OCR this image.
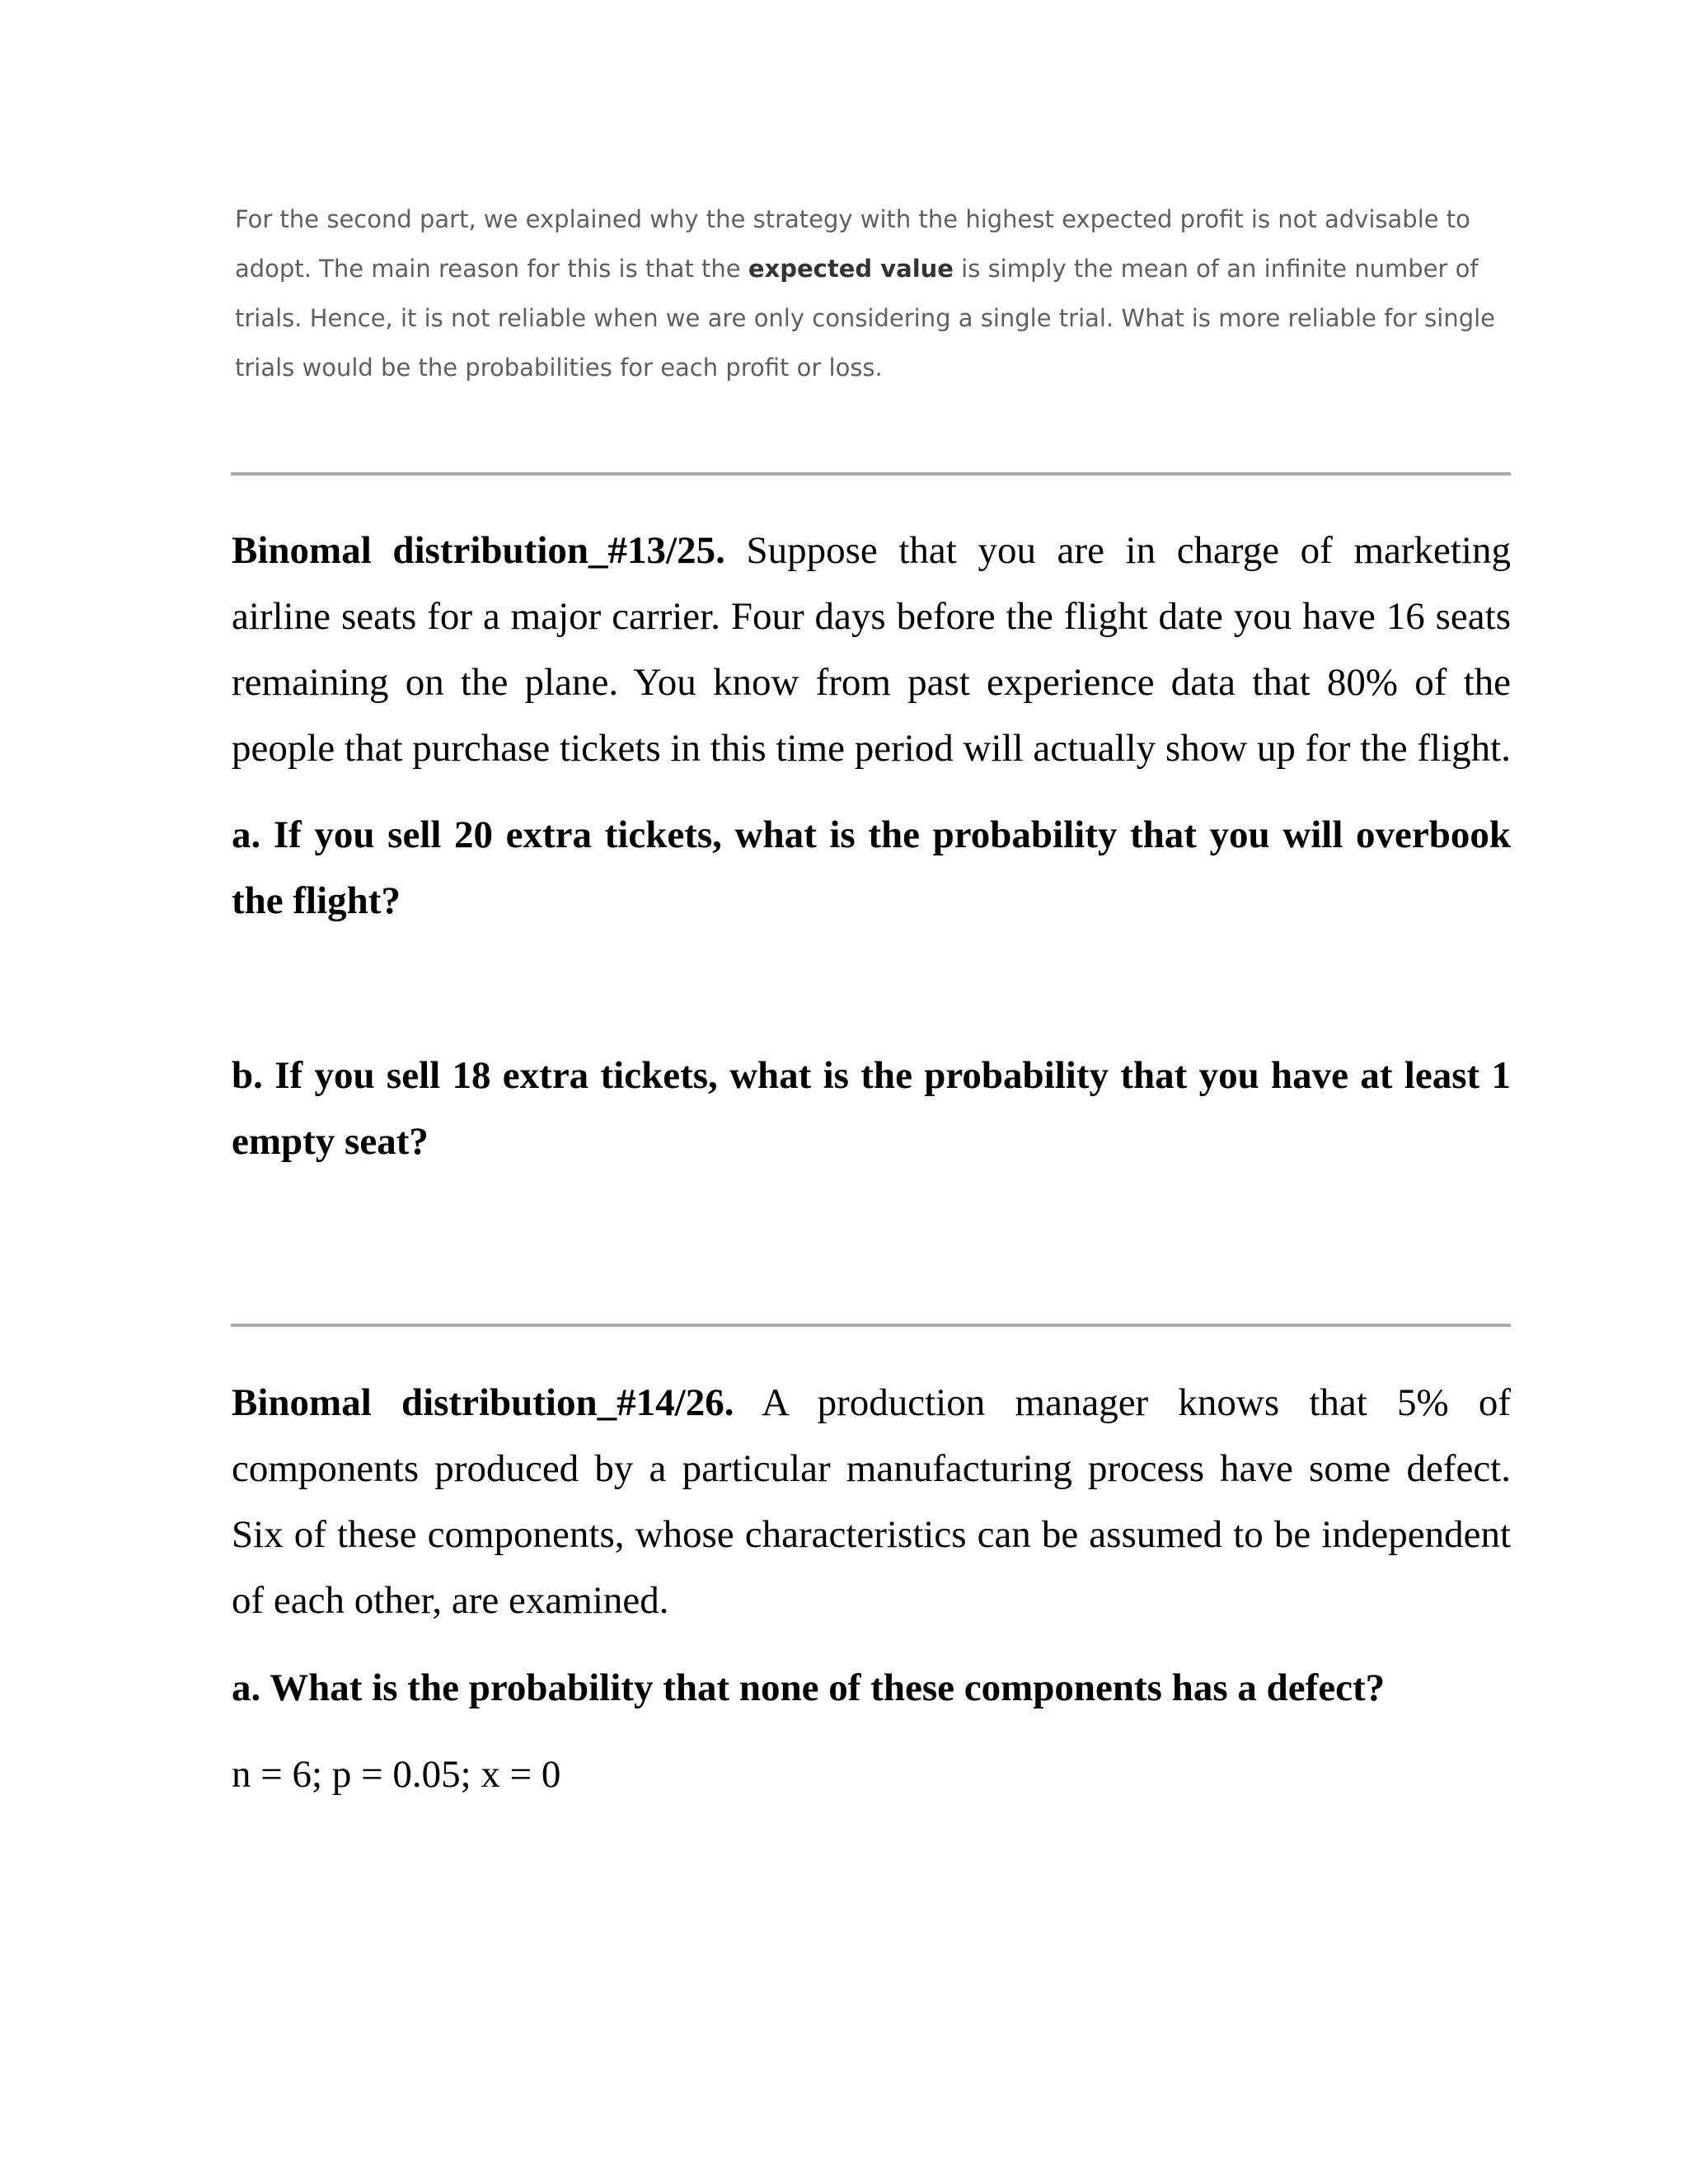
For the second part, we explained why the strategy with the highest expected profit is not advisable to adopt. The main reason for this is that the expected value is simply the mean of an infinite number of trials. Hence, it is not reliable when we are only considering a single trial. What is more reliable for single trials would be the probabilities for each profit or loss.

Binomal distribution_#13/25. Suppose that you are in charge of marketing airline seats for a major carrier. Four days before the flight date you have 16 seats remaining on the plane. You know from past experience data that 80% of the people that purchase tickets in this time period will actually show up for the flight.

a. If you sell 20 extra tickets, what is the probability that you will overbook the flight?

b. If you sell 18 extra tickets, what is the probability that you have at least 1 empty seat?

Binomal distribution_#14/26. A production manager knows that 5% of components produced by a particular manufacturing process have some defect. Six of these components, whose characteristics can be assumed to be independent of each other, are examined.

a. What is the probability that none of these components has a defect?

n = 6; p = 0.05; x = 0
